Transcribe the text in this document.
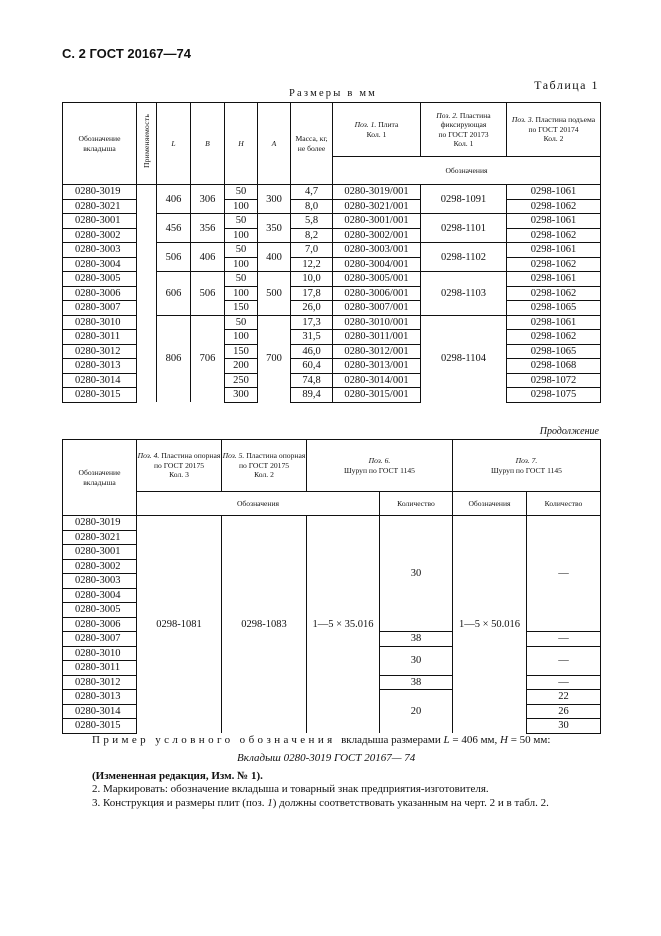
С. 2 ГОСТ 20167—74
Таблица 1
Размеры в мм
Обозначение вкладыша	Применяемость	L	B	H	A	Масса, кг, не более	Поз. 1. Плита
Кол. 1	Поз. 2. Пластина фиксирующая
по ГОСТ 20173
Кол. 1	Поз. 3. Пластина подъема
по ГОСТ 20174
Кол. 2
							Обозначения		
0280-3019		406	306	50	300	4,7	0280-3019/001	0298-1091	0298-1061
0280-3021				100		8,0	0280-3021/001		0298-1062
0280-3001		456	356	50	350	5,8	0280-3001/001	0298-1101	0298-1061
0280-3002				100		8,2	0280-3002/001		0298-1062
0280-3003		506	406	50	400	7,0	0280-3003/001	0298-1102	0298-1061
0280-3004				100		12,2	0280-3004/001		0298-1062
0280-3005		606	506	50	500	10,0	0280-3005/001	0298-1103	0298-1061
0280-3006				100		17,8	0280-3006/001		0298-1062
0280-3007				150		26,0	0280-3007/001		0298-1065
0280-3010		806	706	50	700	17,3	0280-3010/001	0298-1104	0298-1061
0280-3011				100		31,5	0280-3011/001		0298-1062
0280-3012				150		46,0	0280-3012/001		0298-1065
0280-3013				200		60,4	0280-3013/001		0298-1068
0280-3014				250		74,8	0280-3014/001		0298-1072
0280-3015				300		89,4	0280-3015/001		0298-1075
Продолжение
Обозначение вкладыша	Поз. 4. Пластина опорная
по ГОСТ 20175
Кол. 3	Поз. 5. Пластина опорная
по ГОСТ 20175
Кол. 2	Поз. 6.
Шуруп по ГОСТ 1145		Поз. 7.
Шуруп по ГОСТ 1145	
	Обозначения			Количество	Обозначения	Количество
0280-3019	0298-1081	0298-1083	1—5 × 35.016	30	1—5 × 50.016	—
0280-3021						
0280-3001						
0280-3002						
0280-3003						
0280-3004						
0280-3005						
0280-3006						
0280-3007				38		—
0280-3010				30		—
0280-3011						
0280-3012				38		—
0280-3013				20		22
0280-3014						26
0280-3015						30
Пример условного обозначения вкладыша размерами L = 406 мм, H = 50 мм:
Вкладыш 0280-3019 ГОСТ 20167— 74
(Измененная редакция, Изм. № 1).
2. Маркировать: обозначение вкладыша и товарный знак предприятия-изготовителя.
3. Конструкция и размеры плит (поз. 1) должны соответствовать указанным на черт. 2 и в табл. 2.
